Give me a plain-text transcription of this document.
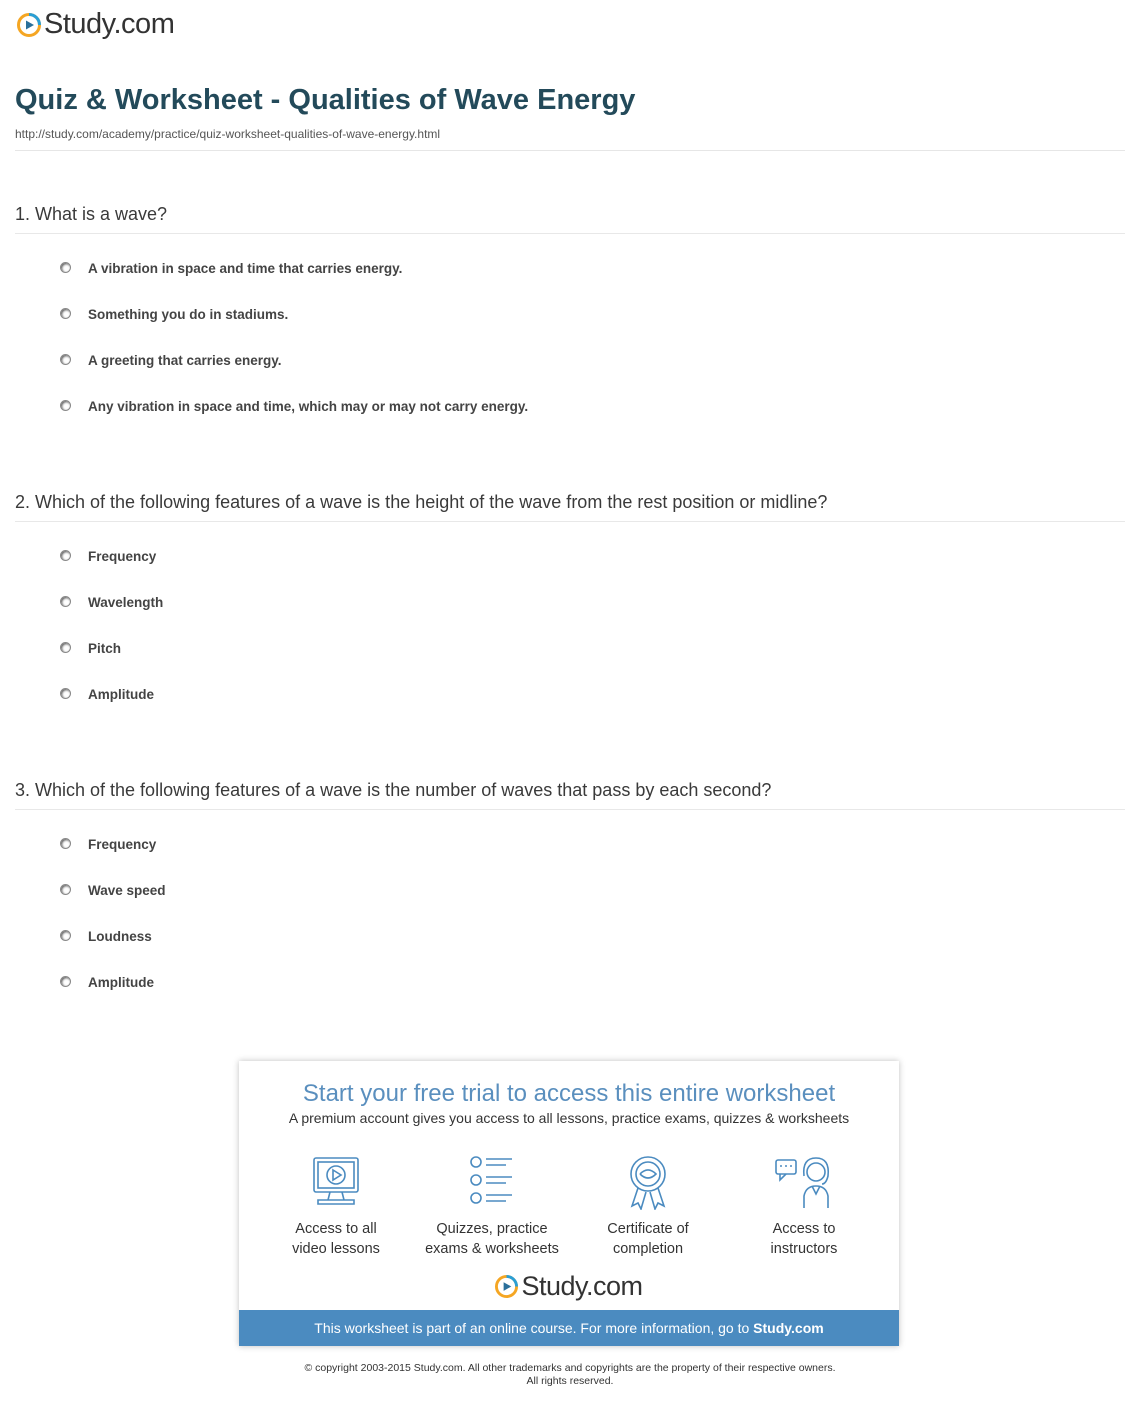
Study.com
Quiz & Worksheet - Qualities of Wave Energy
http://study.com/academy/practice/quiz-worksheet-qualities-of-wave-energy.html
1. What is a wave?
A vibration in space and time that carries energy.
Something you do in stadiums.
A greeting that carries energy.
Any vibration in space and time, which may or may not carry energy.
2. Which of the following features of a wave is the height of the wave from the rest position or midline?
Frequency
Wavelength
Pitch
Amplitude
3. Which of the following features of a wave is the number of waves that pass by each second?
Frequency
Wave speed
Loudness
Amplitude
Start your free trial to access this entire worksheet
A premium account gives you access to all lessons, practice exams, quizzes & worksheets
Access to all
video lessons
Quizzes, practice
exams & worksheets
Certificate of
completion
Access to
instructors
Study.com
This worksheet is part of an online course. For more information, go to Study.com
© copyright 2003-2015 Study.com. All other trademarks and copyrights are the property of their respective owners.
All rights reserved.
